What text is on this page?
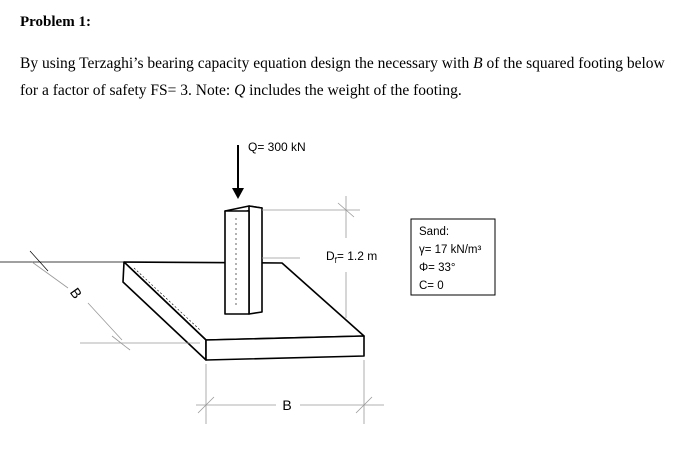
Problem 1:
By using Terzaghi’s bearing capacity equation design the necessary with B of the squared footing below for a factor of safety FS= 3. Note: Q includes the weight of the footing.
Q= 300 kN
$D_f= 1.2$ m
B
B
Sand:
γ= 17 kN/m³
Φ= 33°
C= 0
